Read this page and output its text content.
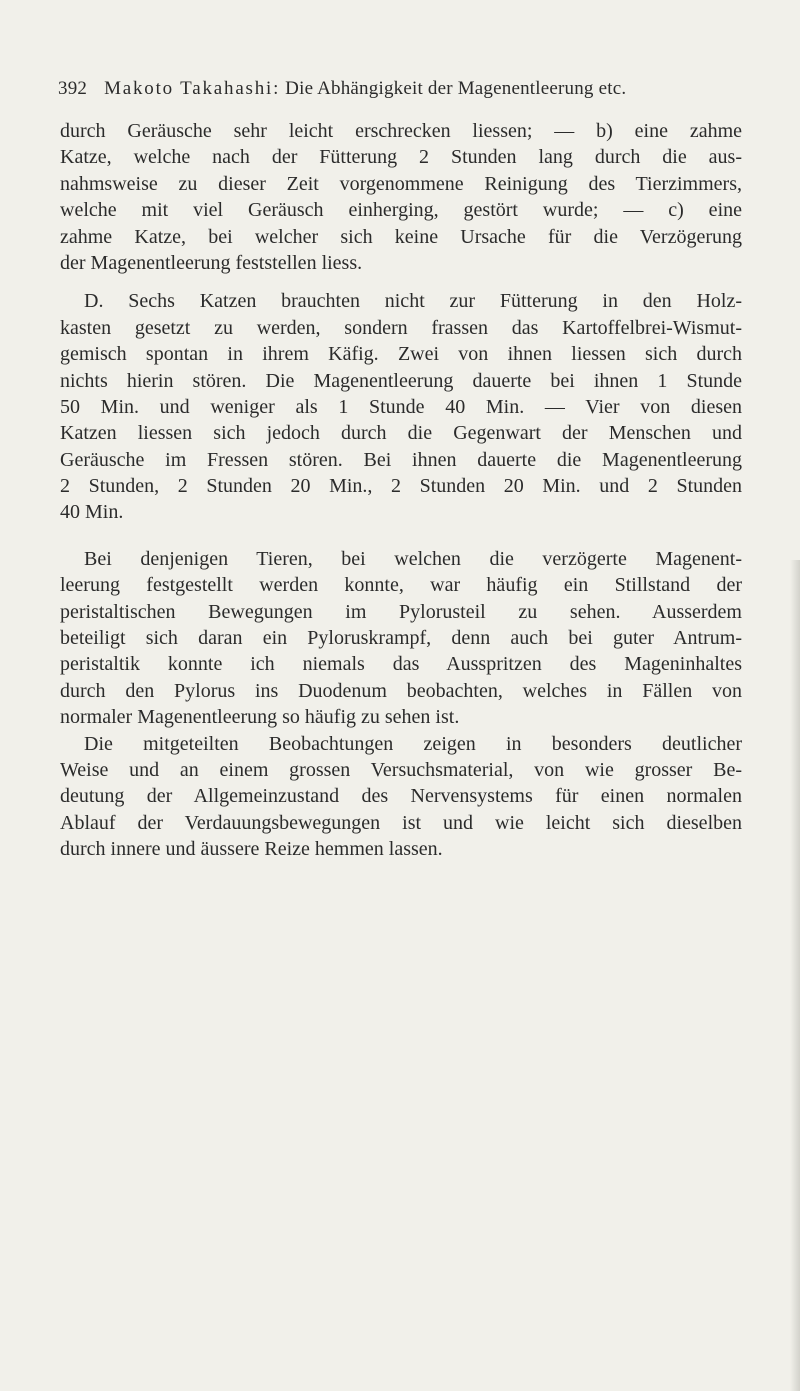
392 Makoto Takahashi: Die Abhängigkeit der Magenentleerung etc.
durch Geräusche sehr leicht erschrecken liessen; — b) eine zahme
Katze, welche nach der Fütterung 2 Stunden lang durch die aus-
nahmsweise zu dieser Zeit vorgenommene Reinigung des Tierzimmers,
welche mit viel Geräusch einherging, gestört wurde; — c) eine
zahme Katze, bei welcher sich keine Ursache für die Verzögerung
der Magenentleerung feststellen liess.
D. Sechs Katzen brauchten nicht zur Fütterung in den Holz-
kasten gesetzt zu werden, sondern frassen das Kartoffelbrei-Wismut-
gemisch spontan in ihrem Käfig. Zwei von ihnen liessen sich durch
nichts hierin stören. Die Magenentleerung dauerte bei ihnen 1 Stunde
50 Min. und weniger als 1 Stunde 40 Min. — Vier von diesen
Katzen liessen sich jedoch durch die Gegenwart der Menschen und
Geräusche im Fressen stören. Bei ihnen dauerte die Magenentleerung
2 Stunden, 2 Stunden 20 Min., 2 Stunden 20 Min. und 2 Stunden
40 Min.
Bei denjenigen Tieren, bei welchen die verzögerte Magenent-
leerung festgestellt werden konnte, war häufig ein Stillstand der
peristaltischen Bewegungen im Pylorusteil zu sehen. Ausserdem
beteiligt sich daran ein Pyloruskrampf, denn auch bei guter Antrum-
peristaltik konnte ich niemals das Ausspritzen des Mageninhaltes
durch den Pylorus ins Duodenum beobachten, welches in Fällen von
normaler Magenentleerung so häufig zu sehen ist.
Die mitgeteilten Beobachtungen zeigen in besonders deutlicher
Weise und an einem grossen Versuchsmaterial, von wie grosser Be-
deutung der Allgemeinzustand des Nervensystems für einen normalen
Ablauf der Verdauungsbewegungen ist und wie leicht sich dieselben
durch innere und äussere Reize hemmen lassen.
